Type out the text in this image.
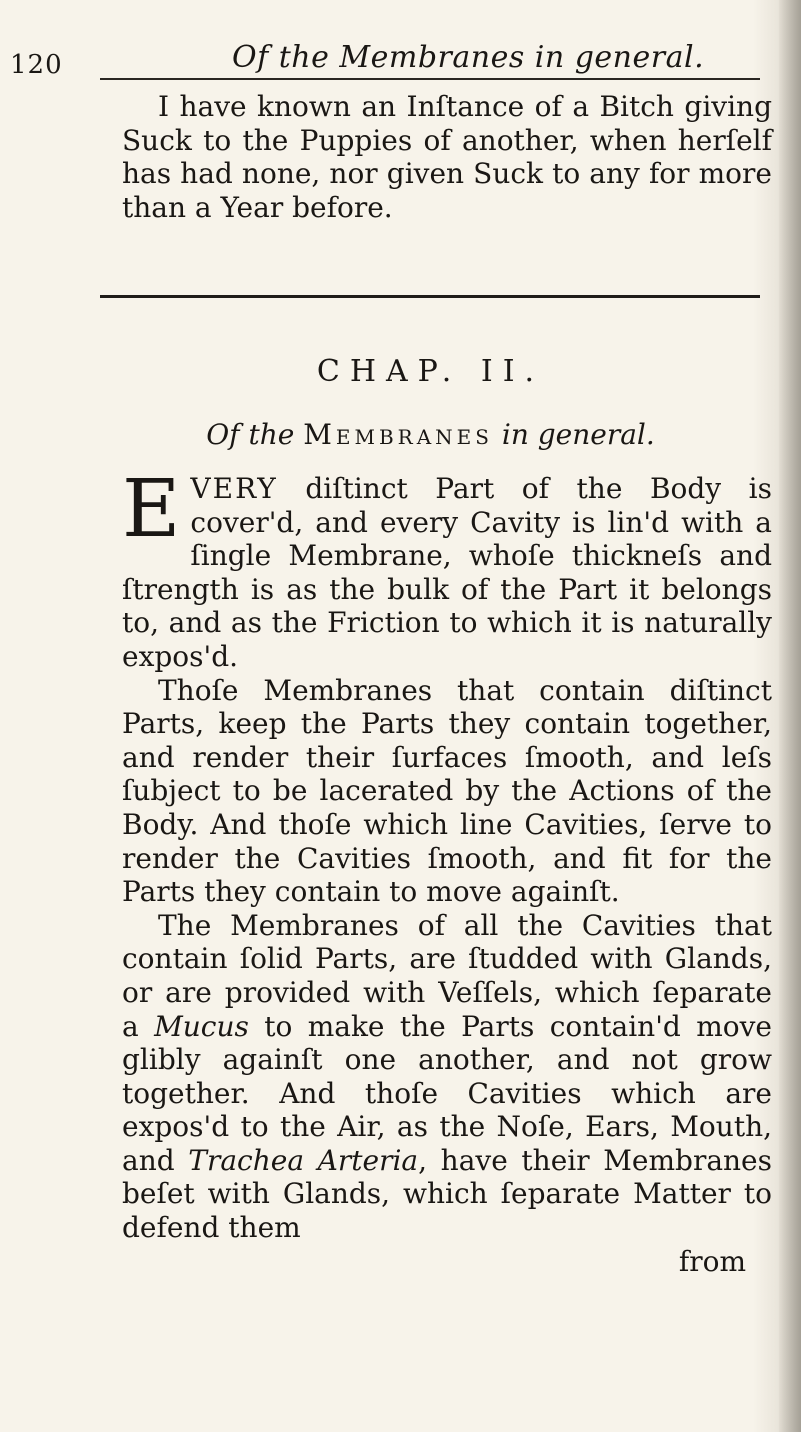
120	Of the Membranes in general.

I have known an Inſtance of a Bitch giving Suck to the Puppies of another, when herſelf has had none, nor given Suck to any for more than a Year before.

CHAP. II.
Of the Membranes in general.

EVERY diſtinct Part of the Body is cover'd, and every Cavity is lin'd with a ſingle Membrane, whoſe thickneſs and ſtrength is as the bulk of the Part it belongs to, and as the Friction to which it is naturally expos'd.

Thoſe Membranes that contain diſtinct Parts, keep the Parts they contain together, and render their ſurfaces ſmooth, and leſs ſubject to be lacerated by the Actions of the Body. And thoſe which line Cavities, ſerve to render the Cavities ſmooth, and fit for the Parts they contain to move againſt.

The Membranes of all the Cavities that contain ſolid Parts, are ſtudded with Glands, or are provided with Veſſels, which ſeparate a Mucus to make the Parts contain'd move glibly againſt one another, and not grow together. And thoſe Cavities which are expos'd to the Air, as the Noſe, Ears, Mouth, and Trachea Arteria, have their Membranes beſet with Glands, which ſeparate Matter to defend them

from
